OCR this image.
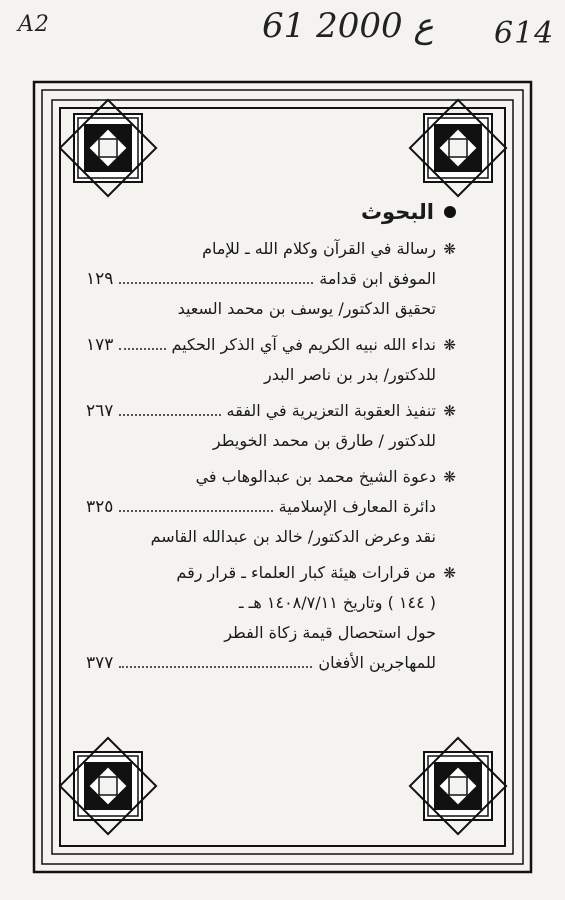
A2	61 ع 2000 614
البحوث
❋
رسالة في القرآن وكلام الله ـ للإمام
الموفق ابن قدامة
١٢٩
تحقيق الدكتور/ يوسف بن محمد السعيد
❋
نداء الله نبيه الكريم في آي الذكر الحكيم
١٧٣
للدكتور/ بدر بن ناصر البدر
❋
تنفيذ العقوبة التعزيرية في الفقه
٢٦٧
للدكتور / طارق بن محمد الخويطر
❋
دعوة الشيخ محمد بن عبدالوهاب في
دائرة المعارف الإسلامية
٣٢٥
نقد وعرض الدكتور/ خالد بن عبدالله القاسم
❋
من قرارات هيئة كبار العلماء ـ قرار رقم
( ١٤٤ ) وتاريخ ١٤٠٨/٧/١١ هـ ـ
حول استحصال قيمة زكاة الفطر
للمهاجرين الأفغان
٣٧٧
